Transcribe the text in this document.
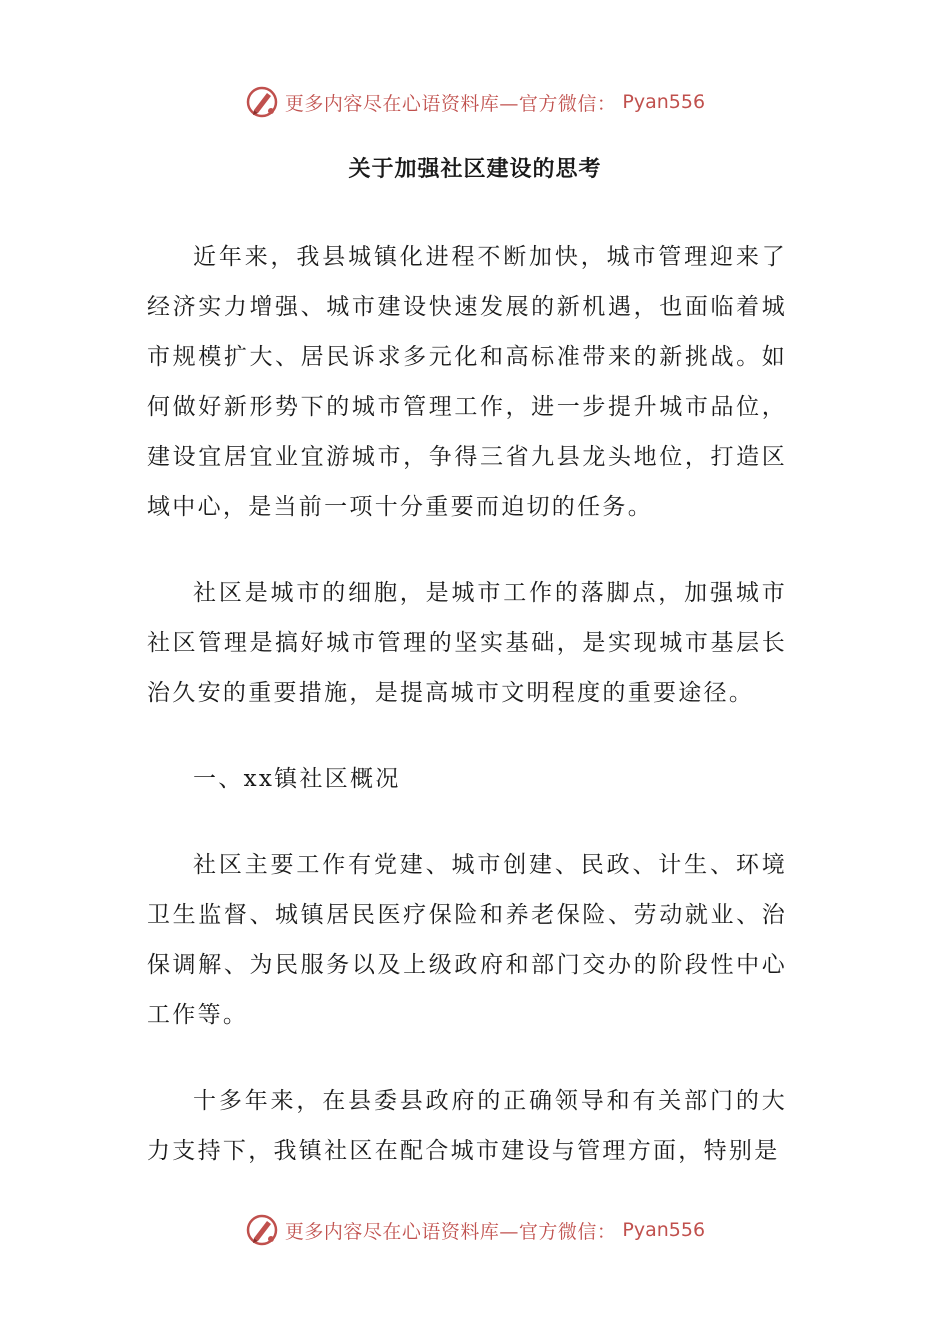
更多内容尽在心语资料库—官方微信： Pyan556
关于加强社区建设的思考

近年来，我县城镇化进程不断加快，城市管理迎来了经济实力增强、城市建设快速发展的新机遇，也面临着城市规模扩大、居民诉求多元化和高标准带来的新挑战。如何做好新形势下的城市管理工作，进一步提升城市品位，建设宜居宜业宜游城市，争得三省九县龙头地位，打造区域中心，是当前一项十分重要而迫切的任务。

社区是城市的细胞，是城市工作的落脚点，加强城市社区管理是搞好城市管理的坚实基础，是实现城市基层长治久安的重要措施，是提高城市文明程度的重要途径。

一、xx镇社区概况

社区主要工作有党建、城市创建、民政、计生、环境卫生监督、城镇居民医疗保险和养老保险、劳动就业、治保调解、为民服务以及上级政府和部门交办的阶段性中心工作等。

十多年来，在县委县政府的正确领导和有关部门的大力支持下，我镇社区在配合城市建设与管理方面，特别是

更多内容尽在心语资料库—官方微信： Pyan556
